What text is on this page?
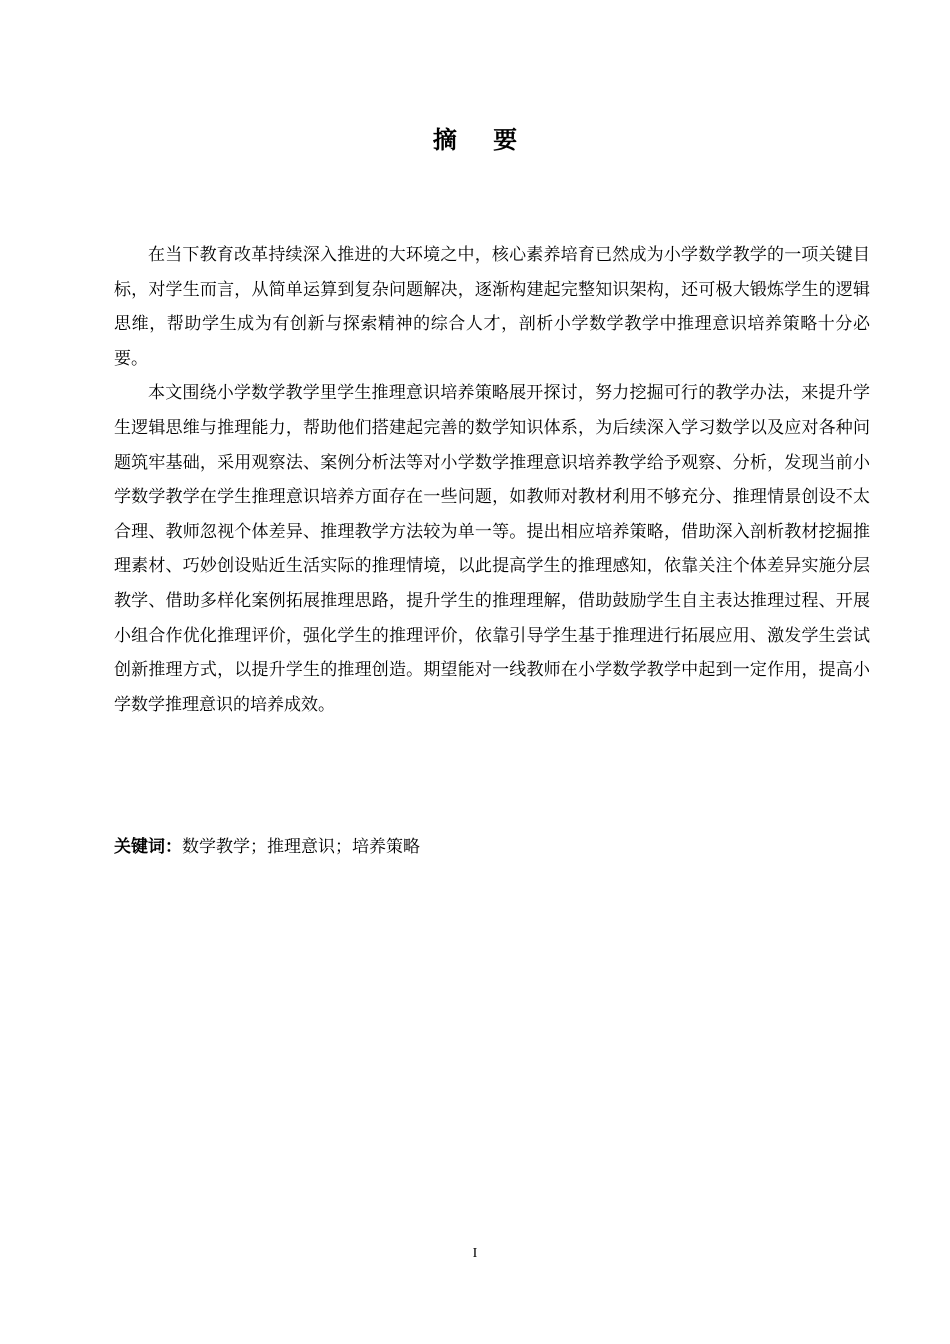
摘 要

在当下教育改革持续深入推进的大环境之中，核心素养培育已然成为小学数学教学的一项关键目标，对学生而言，从简单运算到复杂问题解决，逐渐构建起完整知识架构，还可极大锻炼学生的逻辑思维，帮助学生成为有创新与探索精神的综合人才，剖析小学数学教学中推理意识培养策略十分必要。

本文围绕小学数学教学里学生推理意识培养策略展开探讨，努力挖掘可行的教学办法，来提升学生逻辑思维与推理能力，帮助他们搭建起完善的数学知识体系，为后续深入学习数学以及应对各种问题筑牢基础，采用观察法、案例分析法等对小学数学推理意识培养教学给予观察、分析，发现当前小学数学教学在学生推理意识培养方面存在一些问题，如教师对教材利用不够充分、推理情景创设不太合理、教师忽视个体差异、推理教学方法较为单一等。提出相应培养策略，借助深入剖析教材挖掘推理素材、巧妙创设贴近生活实际的推理情境，以此提高学生的推理感知，依靠关注个体差异实施分层教学、借助多样化案例拓展推理思路，提升学生的推理理解，借助鼓励学生自主表达推理过程、开展小组合作优化推理评价，强化学生的推理评价，依靠引导学生基于推理进行拓展应用、激发学生尝试创新推理方式，以提升学生的推理创造。期望能对一线教师在小学数学教学中起到一定作用，提高小学数学推理意识的培养成效。

关键词：数学教学；推理意识；培养策略
I
